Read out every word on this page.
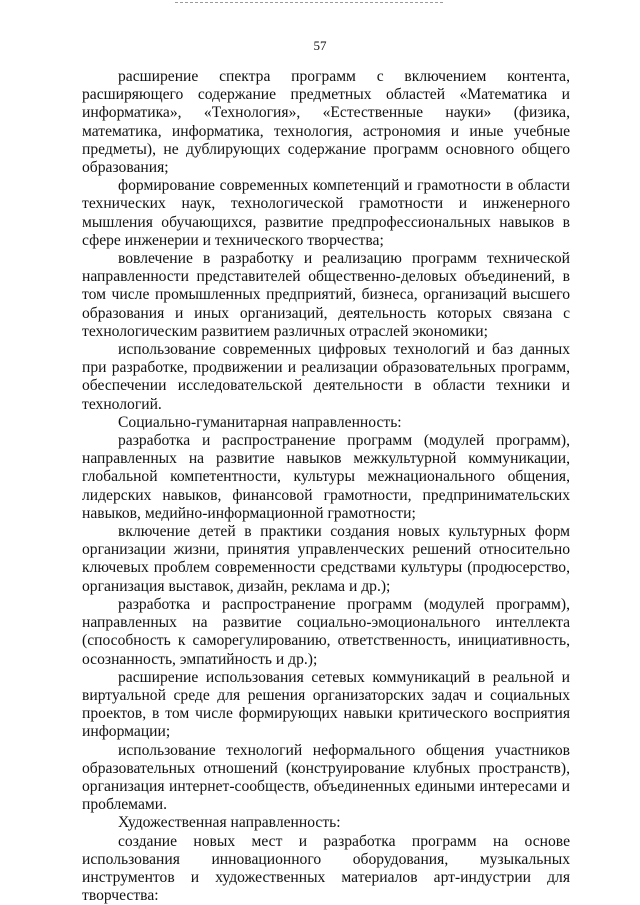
57

расширение спектра программ с включением контента, расширяющего содержание предметных областей «Математика и информатика», «Технология», «Естественные науки» (физика, математика, информатика, технология, астрономия и иные учебные предметы), не дублирующих содержание программ основного общего образования;

формирование современных компетенций и грамотности в области технических наук, технологической грамотности и инженерного мышления обучающихся, развитие предпрофессиональных навыков в сфере инженерии и технического творчества;

вовлечение в разработку и реализацию программ технической направленности представителей общественно-деловых объединений, в том числе промышленных предприятий, бизнеса, организаций высшего образования и иных организаций, деятельность которых связана с технологическим развитием различных отраслей экономики;

использование современных цифровых технологий и баз данных при разработке, продвижении и реализации образовательных программ, обеспечении исследовательской деятельности в области техники и технологий.

Социально-гуманитарная направленность:

разработка и распространение программ (модулей программ), направленных на развитие навыков межкультурной коммуникации, глобальной компетентности, культуры межнационального общения, лидерских навыков, финансовой грамотности, предпринимательских навыков, медийно-информационной грамотности;

включение детей в практики создания новых культурных форм организации жизни, принятия управленческих решений относительно ключевых проблем современности средствами культуры (продюсерство, организация выставок, дизайн, реклама и др.);

разработка и распространение программ (модулей программ), направленных на развитие социально-эмоционального интеллекта (способность к саморегулированию, ответственность, инициативность, осознанность, эмпатийность и др.);

расширение использования сетевых коммуникаций в реальной и виртуальной среде для решения организаторских задач и социальных проектов, в том числе формирующих навыки критического восприятия информации;

использование технологий неформального общения участников образовательных отношений (конструирование клубных пространств), организация интернет-сообществ, объединенных едиными интересами и проблемами.

Художественная направленность:

создание новых мест и разработка программ на основе использования инновационного оборудования, музыкальных инструментов и художественных материалов арт-индустрии для творчества:
